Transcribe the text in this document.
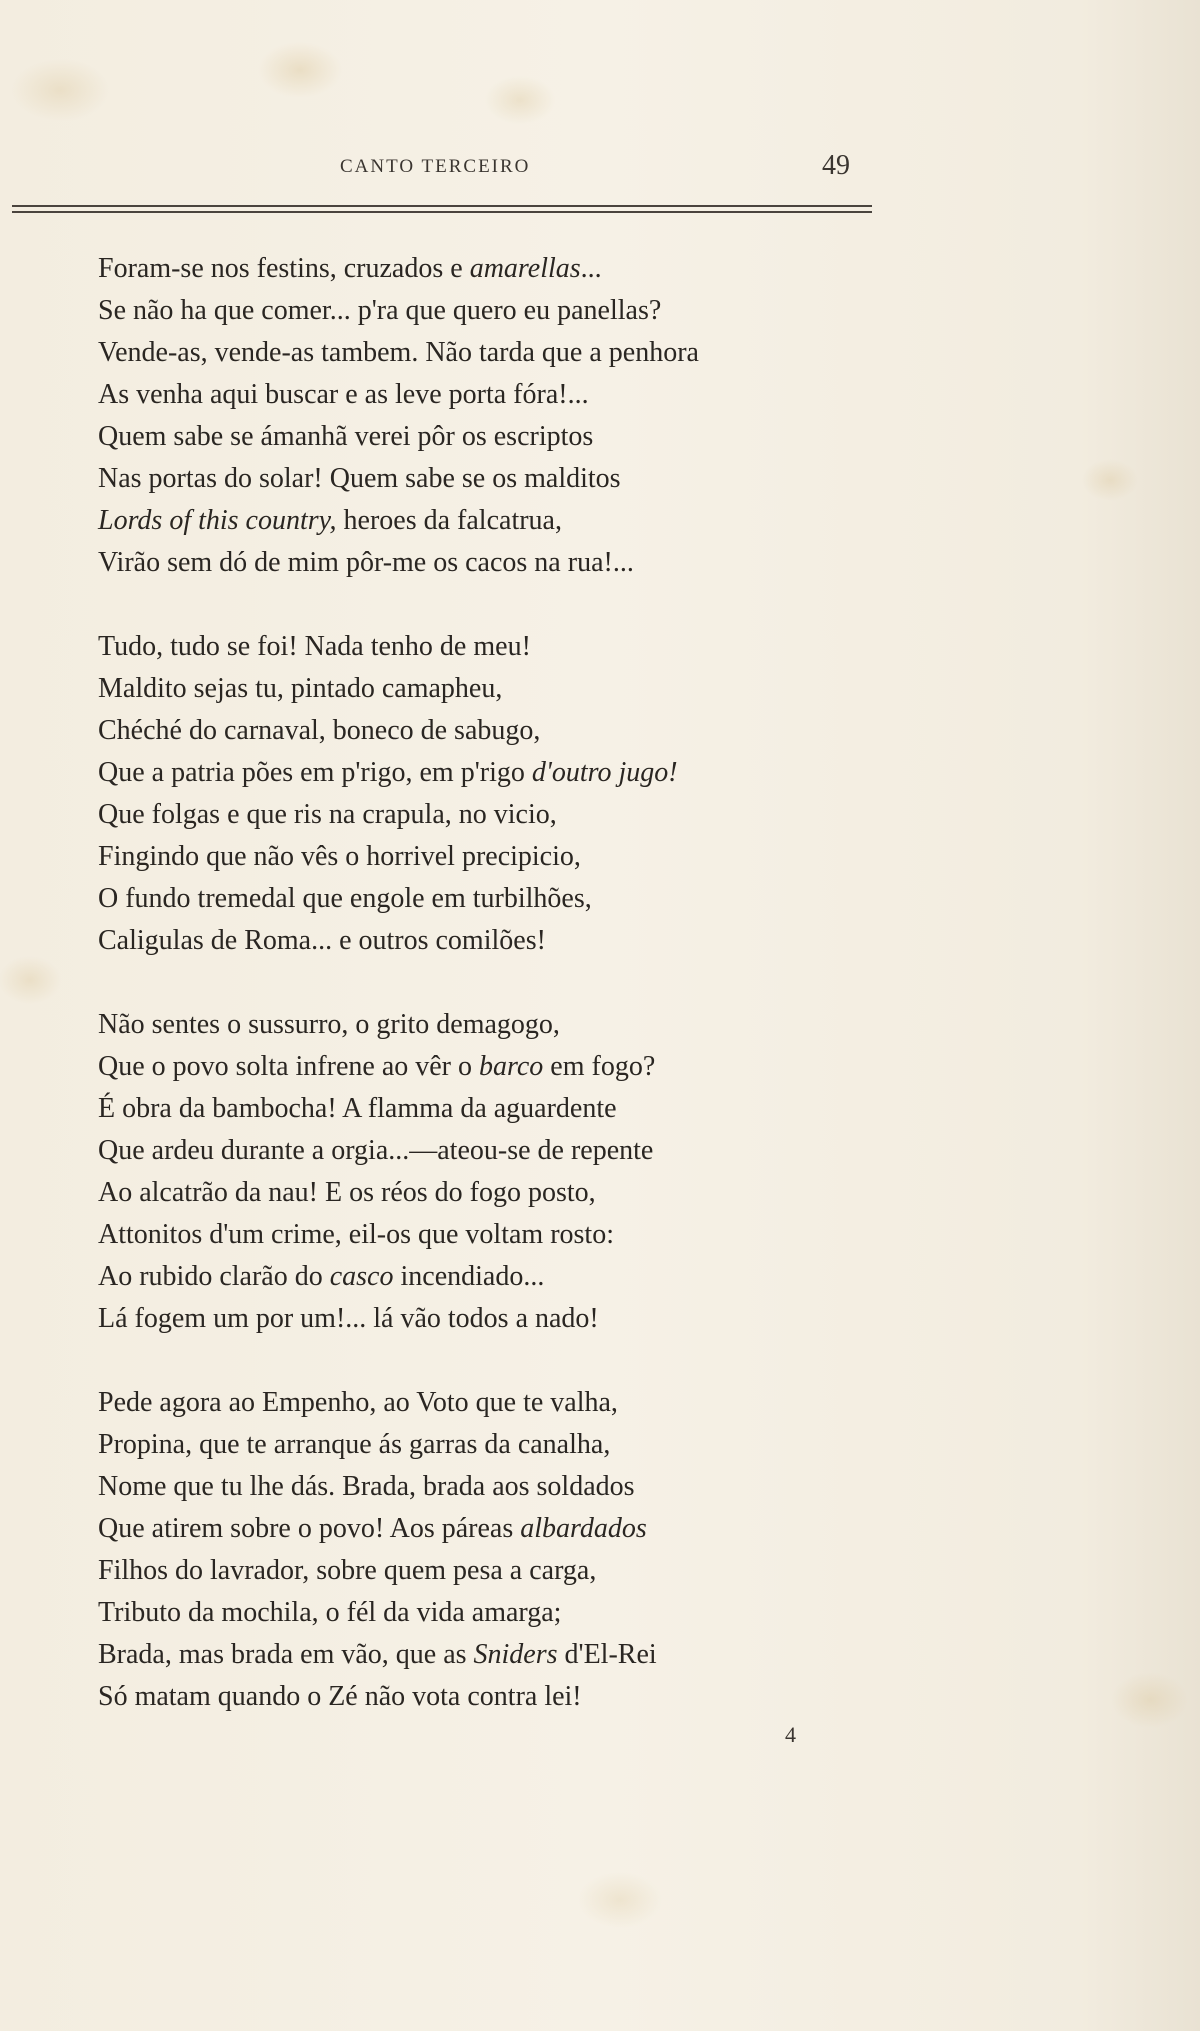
CANTO TERCEIRO	49
Foram-se nos festins, cruzados e amarellas...
Se não ha que comer... p'ra que quero eu panellas?
Vende-as, vende-as tambem. Não tarda que a penhora
As venha aqui buscar e as leve porta fóra!...
Quem sabe se ámanhã verei pôr os escriptos
Nas portas do solar! Quem sabe se os malditos
Lords of this country, heroes da falcatrua,
Virão sem dó de mim pôr-me os cacos na rua!...
Tudo, tudo se foi! Nada tenho de meu!
Maldito sejas tu, pintado camapheu,
Chéché do carnaval, boneco de sabugo,
Que a patria pões em p'rigo, em p'rigo d'outro jugo!
Que folgas e que ris na crapula, no vicio,
Fingindo que não vês o horrivel precipicio,
O fundo tremedal que engole em turbilhões,
Caligulas de Roma... e outros comilões!
Não sentes o sussurro, o grito demagogo,
Que o povo solta infrene ao vêr o barco em fogo?
É obra da bambocha! A flamma da aguardente
Que ardeu durante a orgia...—ateou-se de repente
Ao alcatrão da nau! E os réos do fogo posto,
Attonitos d'um crime, eil-os que voltam rosto:
Ao rubido clarão do casco incendiado...
Lá fogem um por um!... lá vão todos a nado!
Pede agora ao Empenho, ao Voto que te valha,
Propina, que te arranque ás garras da canalha,
Nome que tu lhe dás. Brada, brada aos soldados
Que atirem sobre o povo! Aos páreas albardados
Filhos do lavrador, sobre quem pesa a carga,
Tributo da mochila, o fél da vida amarga;
Brada, mas brada em vão, que as Sniders d'El-Rei
Só matam quando o Zé não vota contra lei!
4
